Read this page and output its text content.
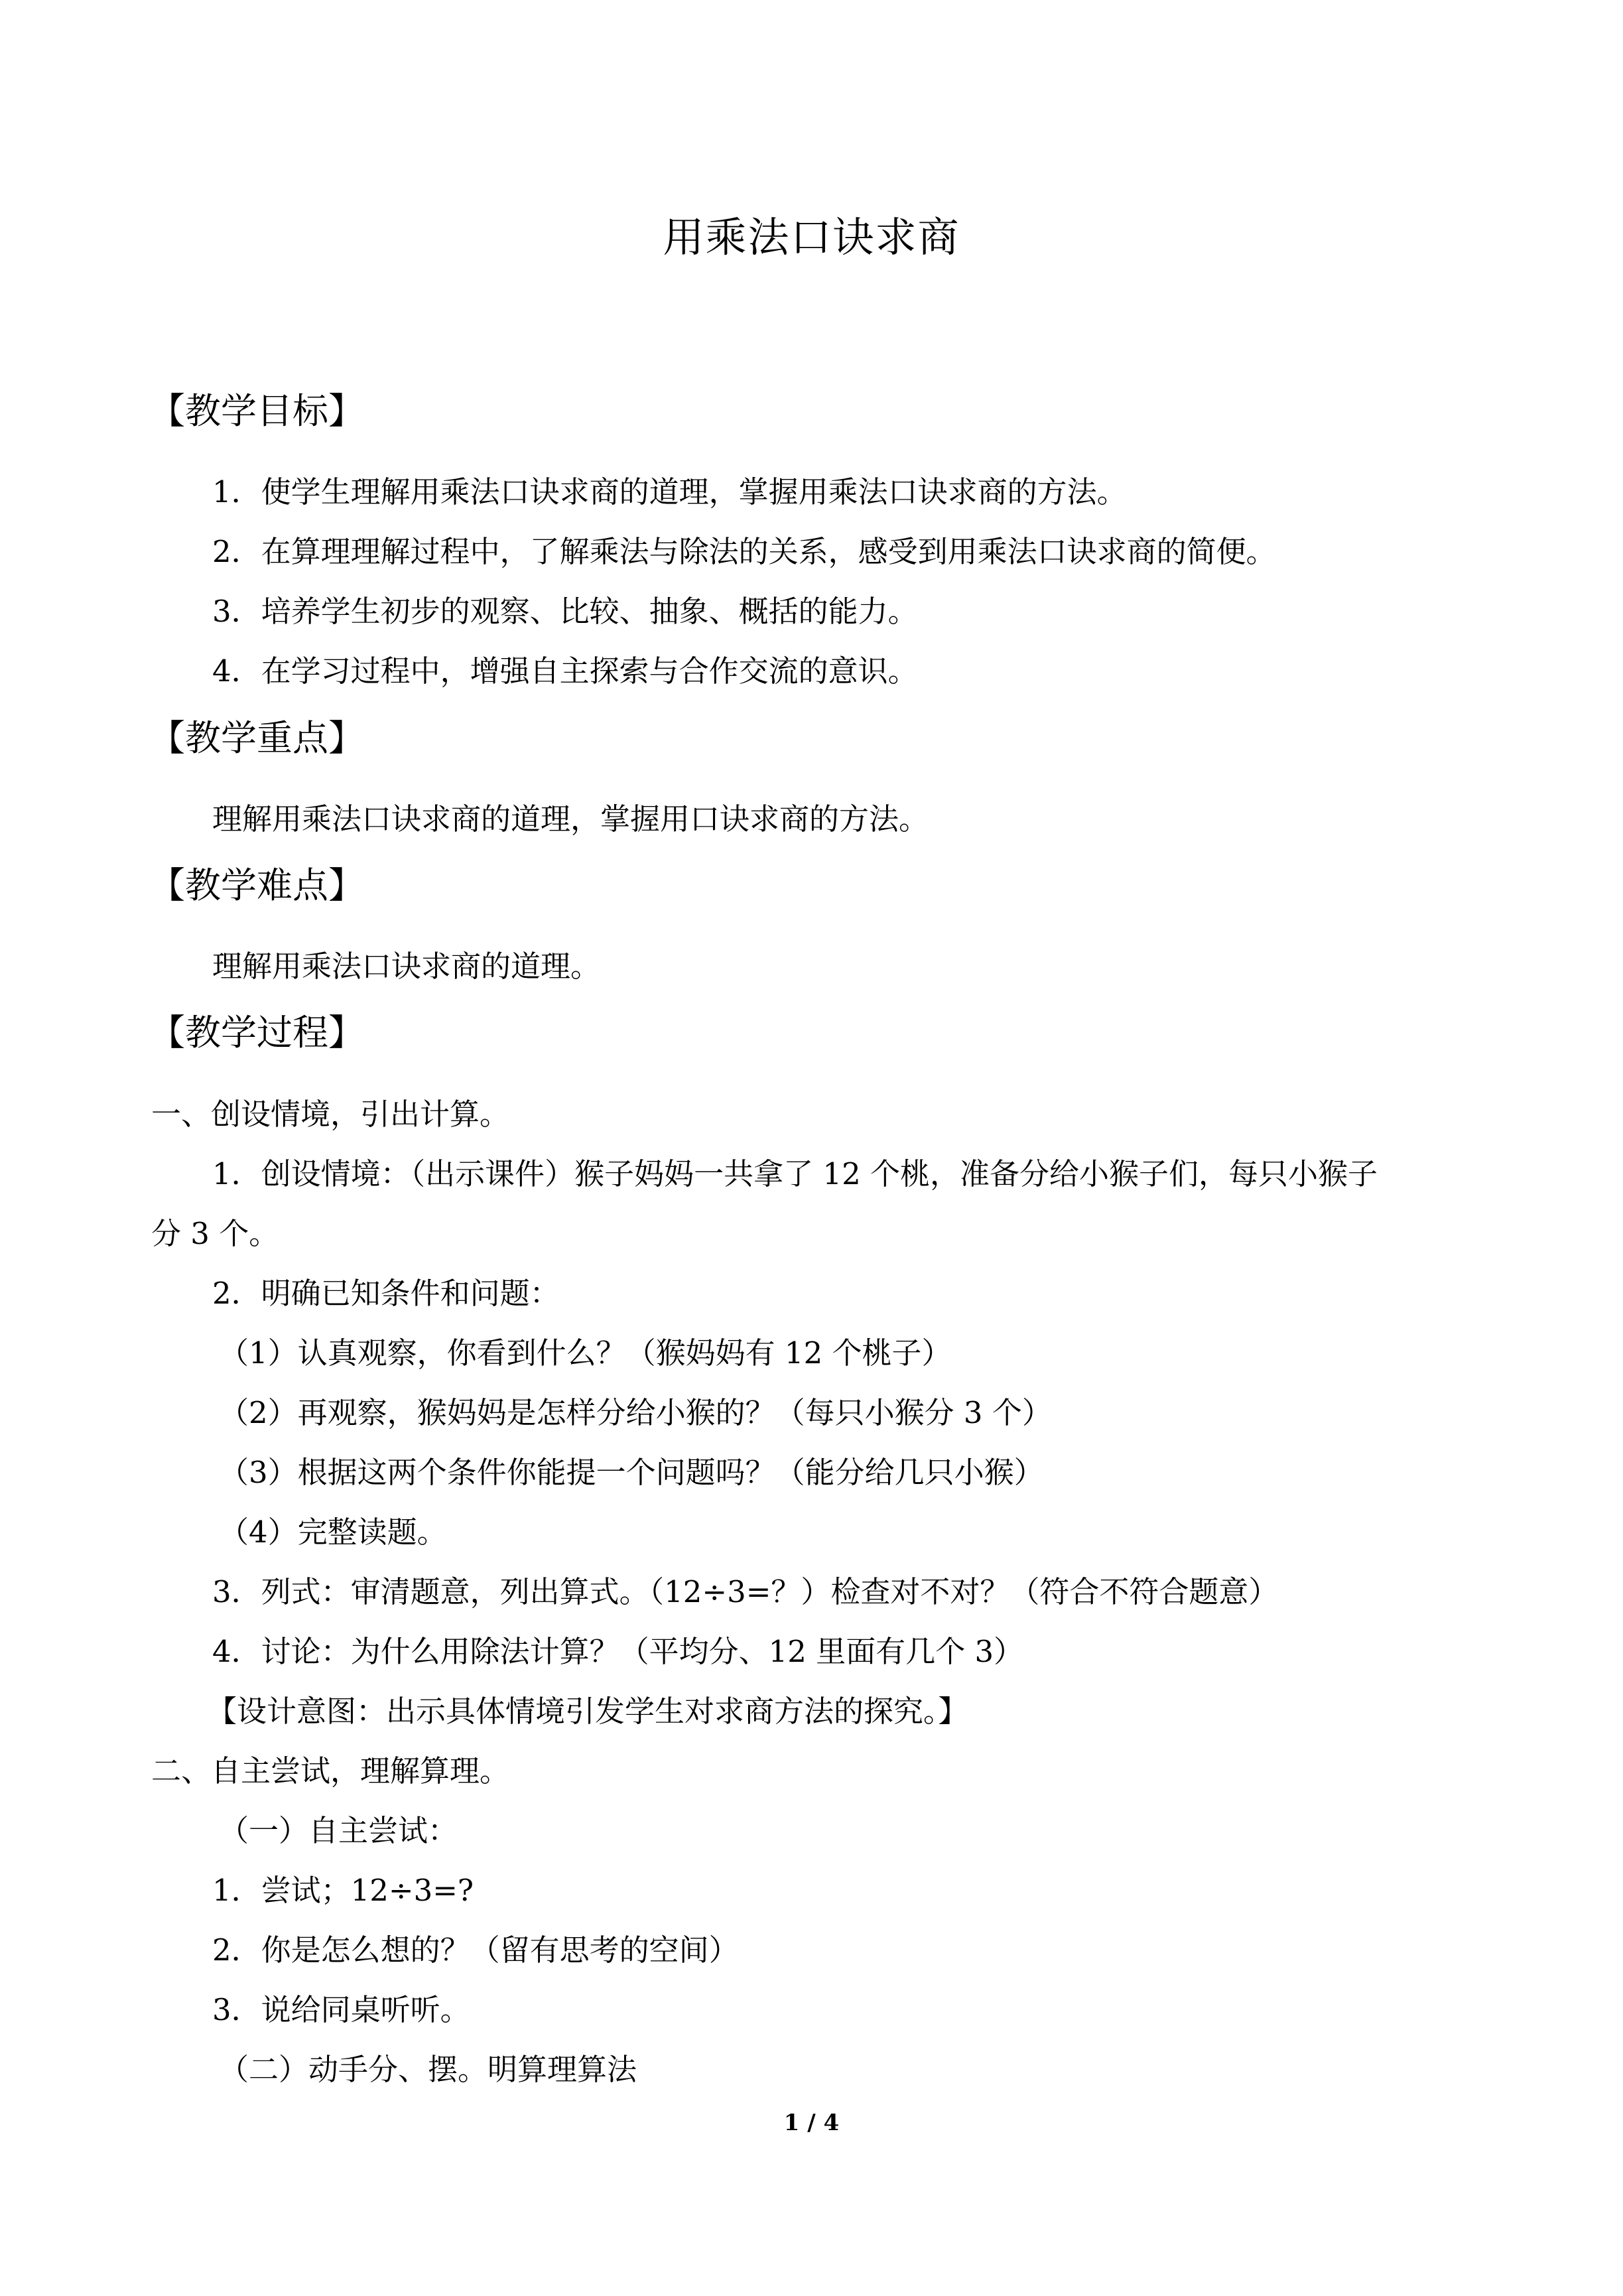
用乘法口诀求商
【教学目标】
1．使学生理解用乘法口诀求商的道理，掌握用乘法口诀求商的方法。
2．在算理理解过程中，了解乘法与除法的关系，感受到用乘法口诀求商的简便。
3．培养学生初步的观察、比较、抽象、概括的能力。
4．在学习过程中，增强自主探索与合作交流的意识。
【教学重点】
理解用乘法口诀求商的道理，掌握用口诀求商的方法。
【教学难点】
理解用乘法口诀求商的道理。
【教学过程】
一、创设情境，引出计算。
1．创设情境：（出示课件）猴子妈妈一共拿了 12 个桃，准备分给小猴子们，每只小猴子
分 3 个。
2．明确已知条件和问题：
（1）认真观察，你看到什么？（猴妈妈有 12 个桃子）
（2）再观察，猴妈妈是怎样分给小猴的？（每只小猴分 3 个）
（3）根据这两个条件你能提一个问题吗？（能分给几只小猴）
（4）完整读题。
3．列式：审清题意，列出算式。（12÷3=？）检查对不对？（符合不符合题意）
4．讨论：为什么用除法计算？（平均分、12 里面有几个 3）
【设计意图：出示具体情境引发学生对求商方法的探究。】
二、自主尝试，理解算理。
（一）自主尝试：
1．尝试；12÷3=?
2．你是怎么想的？（留有思考的空间）
3．说给同桌听听。
（二）动手分、摆。明算理算法
1 / 4
